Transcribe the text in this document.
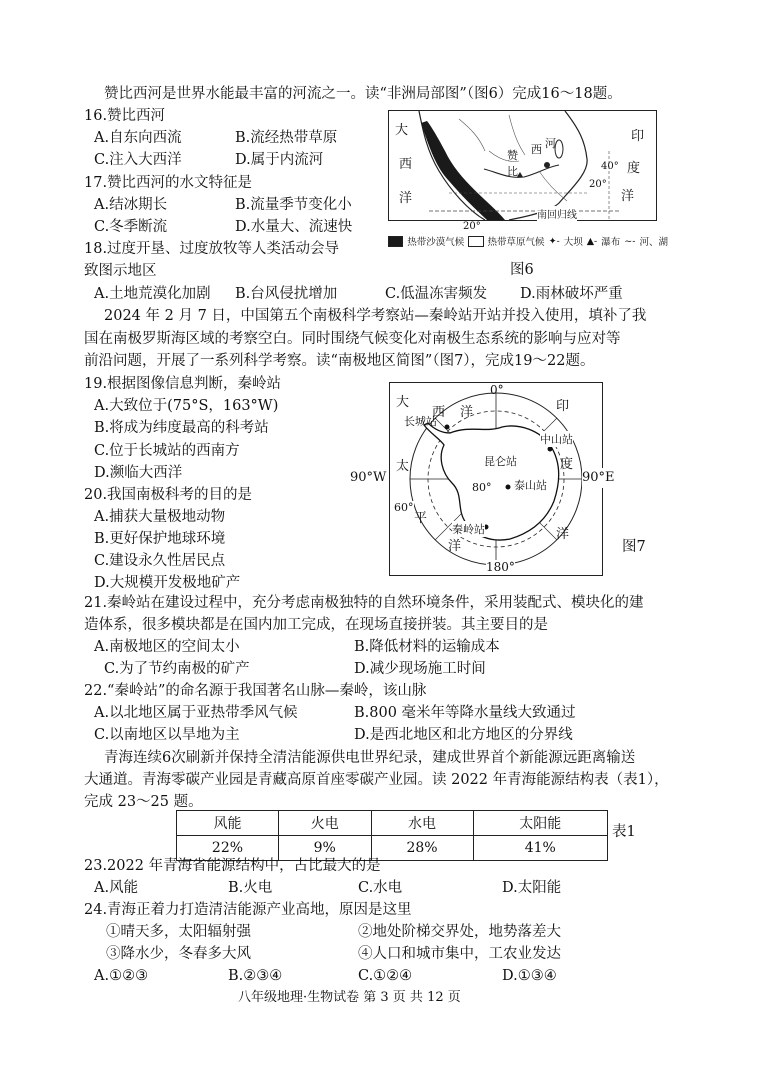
赞比西河是世界水能最丰富的河流之一。读“非洲局部图”（图6）完成16～18题。
16.赞比西河
A.自东向西流	B.流经热带草原
C.注入大西洋	D.属于内流河
17.赞比西河的水文特征是
A.结冰期长	B.流量季节变化小
C.冬季断流	D.水量大、流速快
18.过度开垦、过度放牧等人类活动会导
致图示地区
A.土地荒漠化加剧 B.台风侵扰增加	C.低温冻害频发 D.雨林破坏严重
大
西
洋
印
度
洋
赞
比
西 河
20°
40°
20°
南回归线
热带沙漠气候 热带草原气候 ✦- 大坝 ▲- 瀑布 ~- 河、湖
图6
2024 年 2 月 7 日，中国第五个南极科学考察站—秦岭站开站并投入使用，填补了我
国在南极罗斯海区域的考察空白。同时围绕气候变化对南极生态系统的影响与应对等
前沿问题，开展了一系列科学考察。读“南极地区简图”（图7），完成19～22题。
19.根据图像信息判断，秦岭站
A.大致位于(75°S，163°W)
B.将成为纬度最高的科考站
C.位于长城站的西南方
D.濒临大西洋
20.我国南极科考的目的是
A.捕获大量极地动物
B.更好保护地球环境
C.建设永久性居民点
D.大规模开发极地矿产
0°
180°
80°
60°
大
西 洋	印
度
洋
太
平
洋
长城站
昆仑站
中山站
泰山站
秦岭站
90°W	90°E
图7
21.秦岭站在建设过程中，充分考虑南极独特的自然环境条件，采用装配式、模块化的建
造体系，很多模块都是在国内加工完成，在现场直接拼装。其主要目的是
A.南极地区的空间太小	B.降低材料的运输成本
C.为了节约南极的矿产	D.减少现场施工时间
22.“秦岭站”的命名源于我国著名山脉—秦岭，该山脉
A.以北地区属于亚热带季风气候	B.800 毫米年等降水量线大致通过
C.以南地区以旱地为主	D.是西北地区和北方地区的分界线
青海连续6次刷新并保持全清洁能源供电世界纪录，建成世界首个新能源远距离输送
大通道。青海零碳产业园是青藏高原首座零碳产业园。读 2022 年青海能源结构表（表1），
完成 23～25 题。
风能	火电	水电	太阳能
22%	9%	28%	41%
表1
23.2022 年青海省能源结构中，占比最大的是
A.风能	B.火电	C.水电	D.太阳能
24.青海正着力打造清洁能源产业高地，原因是这里
①晴天多，太阳辐射强	②地处阶梯交界处，地势落差大
③降水少，冬春多大风	④人口和城市集中，工农业发达
A.①②③	B.②③④	C.①②④	D.①③④
八年级地理·生物试卷 第 3 页 共 12 页
